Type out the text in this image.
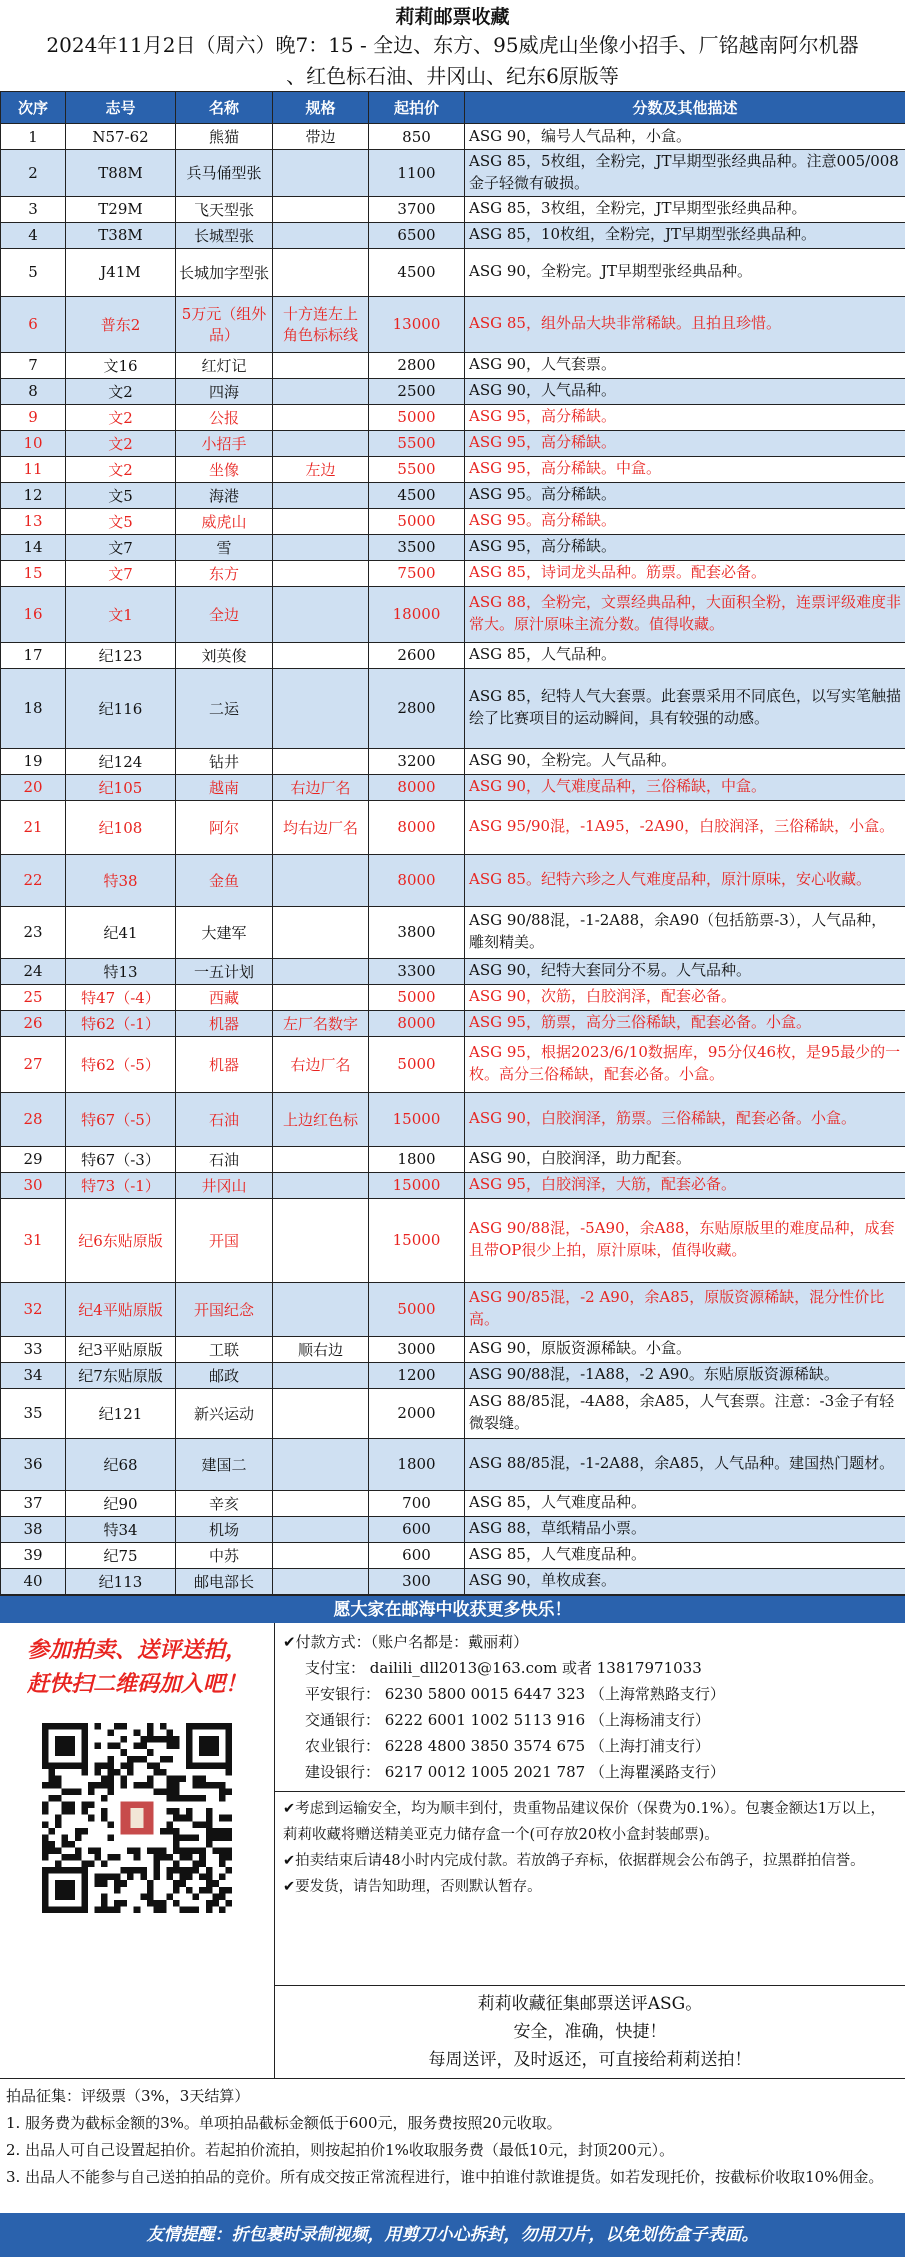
莉莉邮票收藏
2024年11月2日（周六）晚7：15 - 全边、东方、95威虎山坐像小招手、厂铭越南阿尔机器
、红色标石油、井冈山、纪东6原版等
次序	志号	名称	规格	起拍价	分数及其他描述
1	N57-62	熊猫	带边	850	ASG 90，编号人气品种，小盒。
2	T88M	兵马俑型张		1100	ASG 85，5枚组，全粉完，JT早期型张经典品种。注意005/008金子轻微有破损。
3	T29M	飞天型张		3700	ASG 85，3枚组，全粉完，JT早期型张经典品种。
4	T38M	长城型张		6500	ASG 85，10枚组，全粉完，JT早期型张经典品种。
5	J41M	长城加字型张		4500	ASG 90，全粉完。JT早期型张经典品种。
6	普东2	5万元（组外品）	十方连左上角色标标线	13000	ASG 85，组外品大块非常稀缺。且拍且珍惜。
7	文16	红灯记		2800	ASG 90，人气套票。
8	文2	四海		2500	ASG 90，人气品种。
9	文2	公报		5000	ASG 95，高分稀缺。
10	文2	小招手		5500	ASG 95，高分稀缺。
11	文2	坐像	左边	5500	ASG 95，高分稀缺。中盒。
12	文5	海港		4500	ASG 95。高分稀缺。
13	文5	威虎山		5000	ASG 95。高分稀缺。
14	文7	雪		3500	ASG 95，高分稀缺。
15	文7	东方		7500	ASG 85，诗词龙头品种。筋票。配套必备。
16	文1	全边		18000	ASG 88，全粉完，文票经典品种，大面积全粉，连票评级难度非常大。原汁原味主流分数。值得收藏。
17	纪123	刘英俊		2600	ASG 85，人气品种。
18	纪116	二运		2800	ASG 85，纪特人气大套票。此套票采用不同底色，以写实笔触描绘了比赛项目的运动瞬间，具有较强的动感。
19	纪124	钻井		3200	ASG 90，全粉完。人气品种。
20	纪105	越南	右边厂名	8000	ASG 90，人气难度品种，三俗稀缺，中盒。
21	纪108	阿尔	均右边厂名	8000	ASG 95/90混，-1A95，-2A90，白胶润泽，三俗稀缺，小盒。
22	特38	金鱼		8000	ASG 85。纪特六珍之人气难度品种，原汁原味，安心收藏。
23	纪41	大建军		3800	ASG 90/88混，-1-2A88，余A90（包括筋票-3），人气品种，雕刻精美。
24	特13	一五计划		3300	ASG 90，纪特大套同分不易。人气品种。
25	特47（-4）	西藏		5000	ASG 90，次筋，白胶润泽，配套必备。
26	特62（-1）	机器	左厂名数字	8000	ASG 95，筋票，高分三俗稀缺，配套必备。小盒。
27	特62（-5）	机器	右边厂名	5000	ASG 95，根据2023/6/10数据库，95分仅46枚，是95最少的一枚。高分三俗稀缺，配套必备。小盒。
28	特67（-5）	石油	上边红色标	15000	ASG 90，白胶润泽，筋票。三俗稀缺，配套必备。小盒。
29	特67（-3）	石油		1800	ASG 90，白胶润泽，助力配套。
30	特73（-1）	井冈山		15000	ASG 95，白胶润泽，大筋，配套必备。
31	纪6东贴原版	开国		15000	ASG 90/88混，-5A90，余A88，东贴原版里的难度品种，成套且带OP很少上拍，原汁原味，值得收藏。
32	纪4平贴原版	开国纪念		5000	ASG 90/85混，-2 A90，余A85，原版资源稀缺，混分性价比高。
33	纪3平贴原版	工联	顺右边	3000	ASG 90，原版资源稀缺。小盒。
34	纪7东贴原版	邮政		1200	ASG 90/88混，-1A88，-2 A90。东贴原版资源稀缺。
35	纪121	新兴运动		2000	ASG 88/85混，-4A88，余A85，人气套票。注意：-3金子有轻微裂缝。
36	纪68	建国二		1800	ASG 88/85混，-1-2A88，余A85，人气品种。建国热门题材。
37	纪90	辛亥		700	ASG 85，人气难度品种。
38	特34	机场		600	ASG 88，草纸精品小票。
39	纪75	中苏		600	ASG 85，人气难度品种。
40	纪113	邮电部长		300	ASG 90，单枚成套。
愿大家在邮海中收获更多快乐！
参加拍卖、送评送拍，
赶快扫二维码加入吧！
✔付款方式：（账户名都是：戴丽莉）
支付宝： dailili_dll2013@163.com 或者 13817971033
平安银行： 6230 5800 0015 6447 323 （上海常熟路支行）
交通银行： 6222 6001 1002 5113 916 （上海杨浦支行）
农业银行： 6228 4800 3850 3574 675 （上海打浦支行）
建设银行： 6217 0012 1005 2021 787 （上海瞿溪路支行）
✔考虑到运输安全，均为顺丰到付，贵重物品建议保价（保费为0.1%）。包裹金额达1万以上，莉莉收藏将赠送精美亚克力储存盒一个(可存放20枚小盒封装邮票)。
✔拍卖结束后请48小时内完成付款。若放鸽子弃标，依据群规会公布鸽子，拉黑群拍信誉。
✔要发货，请告知助理，否则默认暂存。
莉莉收藏征集邮票送评ASG。
安全，准确，快捷！
每周送评，及时返还，可直接给莉莉送拍！
拍品征集：评级票（3%，3天结算）
1. 服务费为截标金额的3%。单项拍品截标金额低于600元，服务费按照20元收取。
2. 出品人可自己设置起拍价。若起拍价流拍，则按起拍价1%收取服务费（最低10元，封顶200元）。
3. 出品人不能参与自己送拍拍品的竞价。所有成交按正常流程进行，谁中拍谁付款谁提货。如若发现托价，按截标价收取10%佣金。
友情提醒：折包裹时录制视频，用剪刀小心拆封，勿用刀片，以免划伤盒子表面。
